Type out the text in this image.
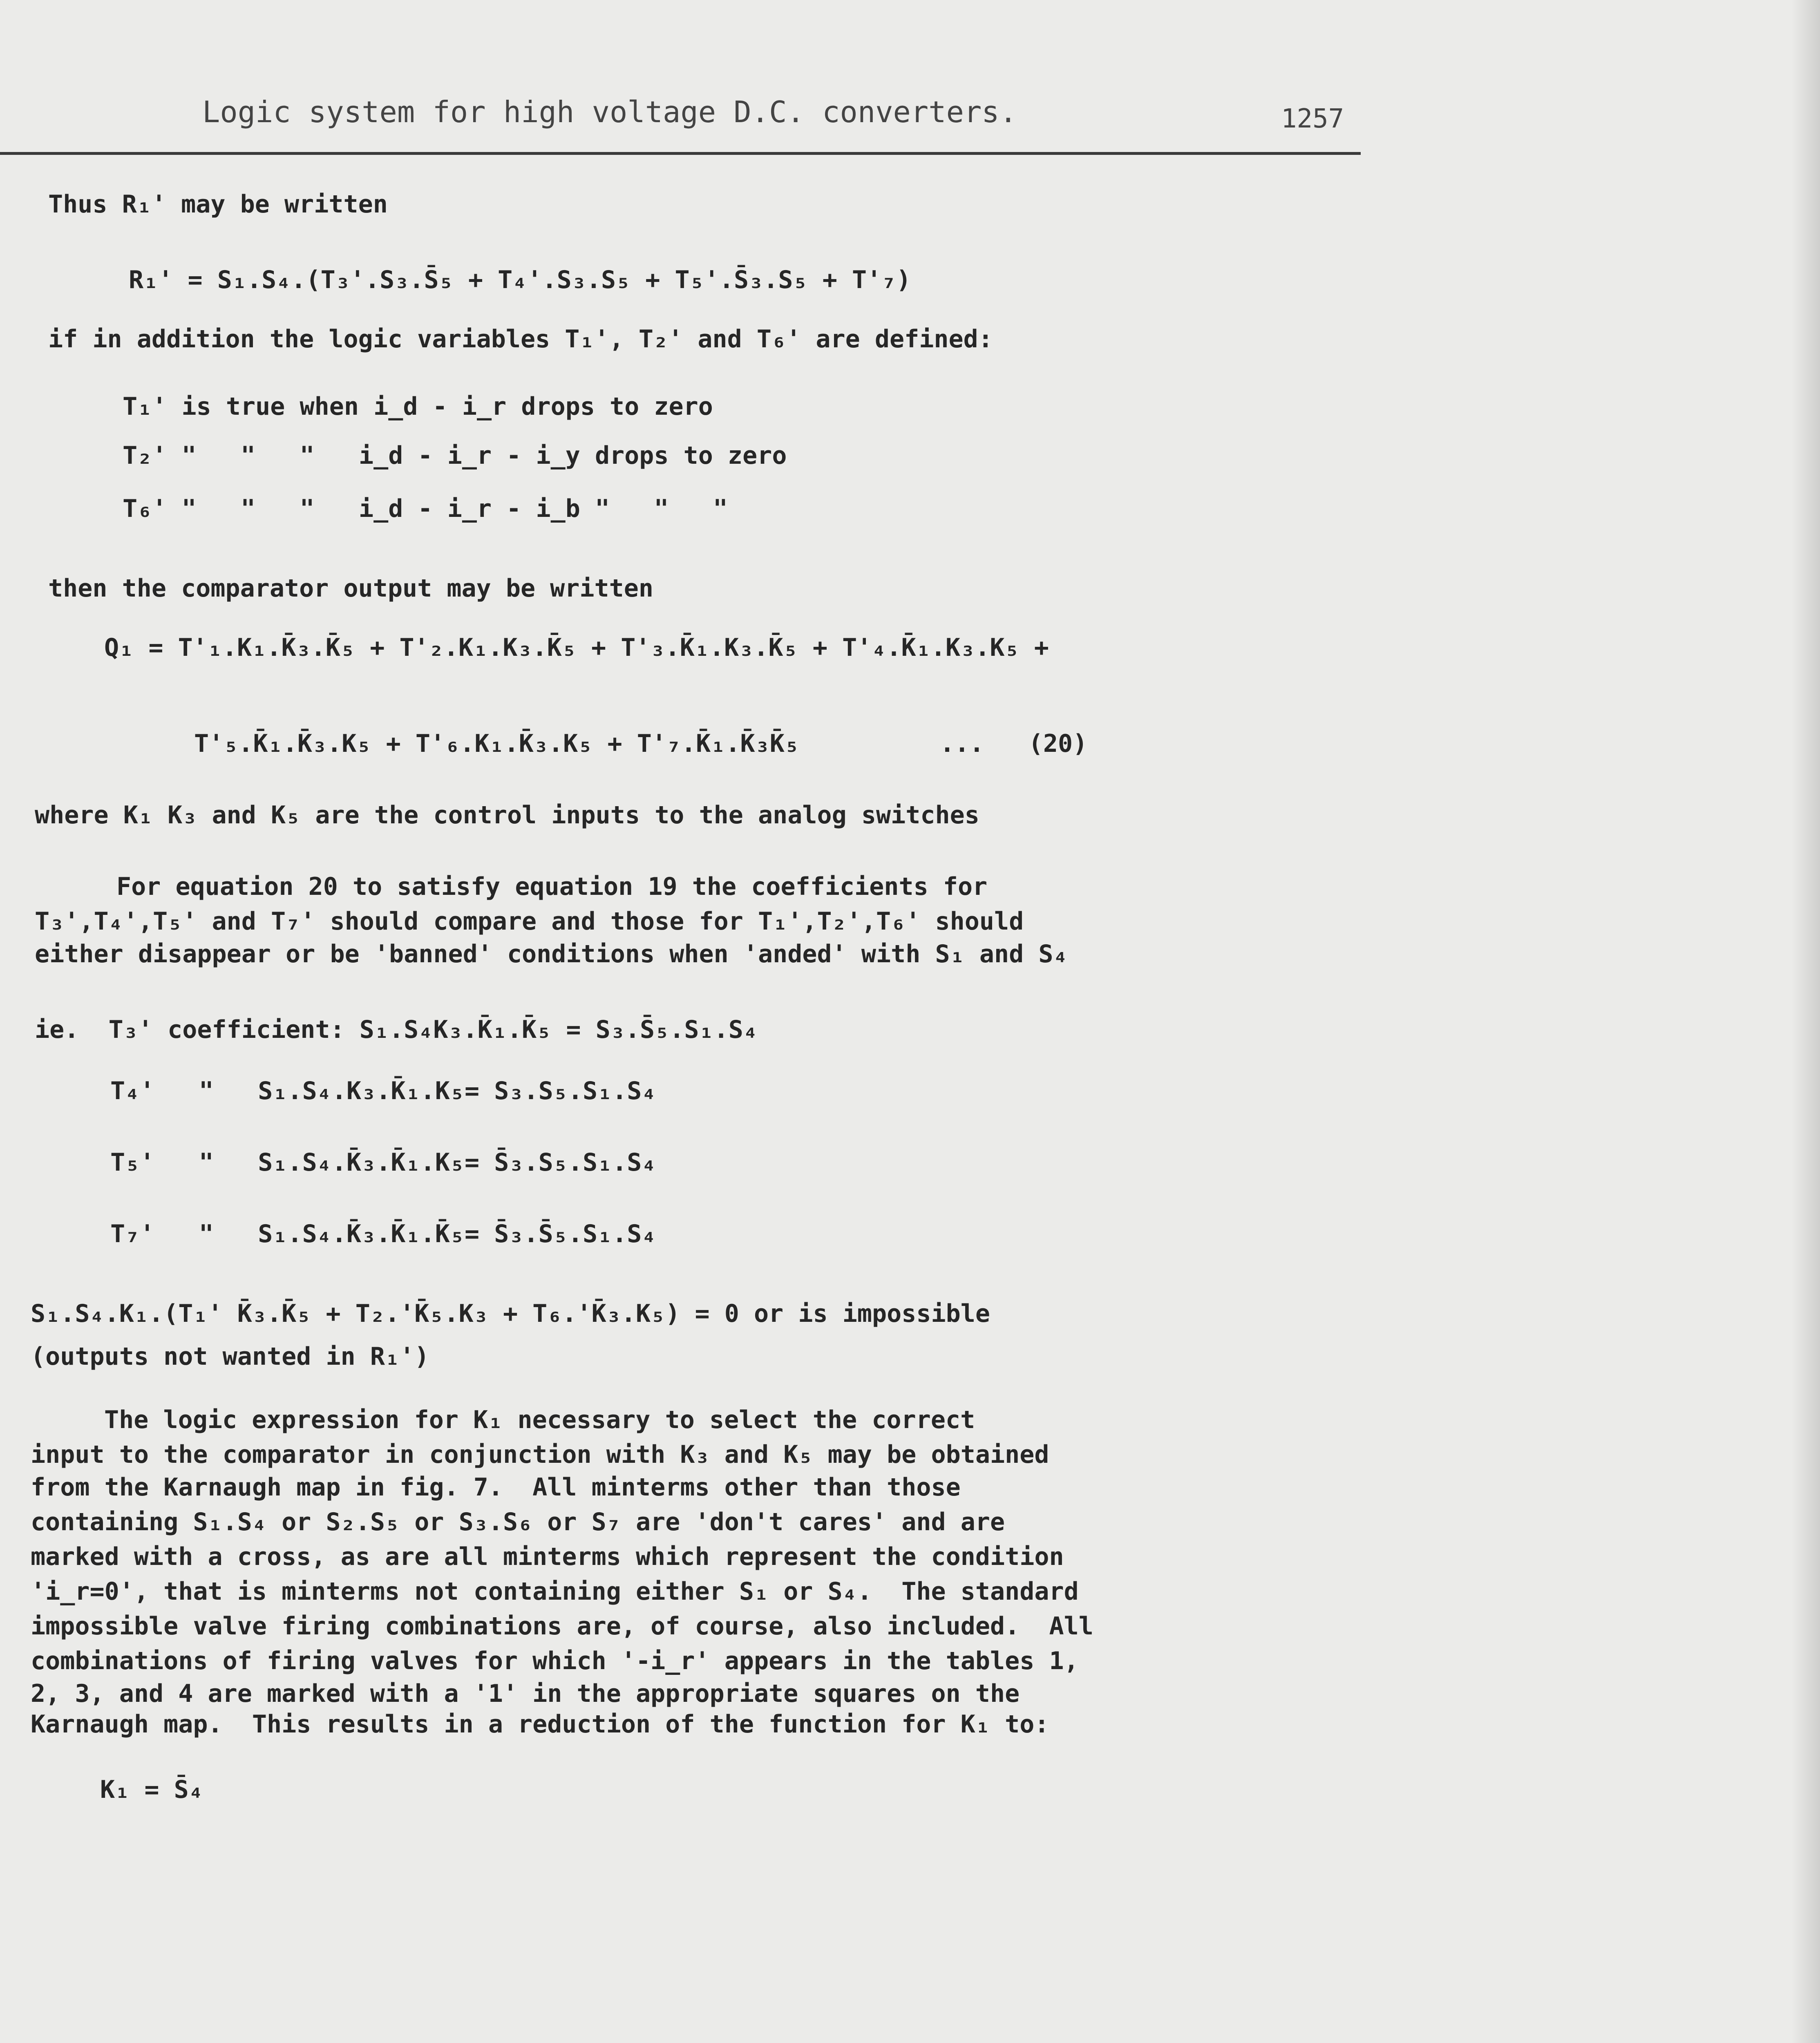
Logic system for high voltage D.C. converters.	1257
Thus R₁' may be written
R₁' = S₁.S₄.(T₃'.S₃.S̄₅ + T₄'.S₃.S₅ + T₅'.S̄₃.S₅ + T'₇)
if in addition the logic variables T₁', T₂' and T₆' are defined:
T₁' is true when i_d - i_r drops to zero
T₂' "   "   "   i_d - i_r - i_y drops to zero
T₆' "   "   "   i_d - i_r - i_b "   "   "
then the comparator output may be written
Q₁ = T'₁.K₁.K̄₃.K̄₅ + T'₂.K₁.K₃.K̄₅ + T'₃.K̄₁.K₃.K̄₅ + T'₄.K̄₁.K₃.K₅ +
T'₅.K̄₁.K̄₃.K₅ + T'₆.K₁.K̄₃.K₅ + T'₇.K̄₁.K̄₃K̄₅	...   (20)
where K₁ K₃ and K₅ are the control inputs to the analog switches
For equation 20 to satisfy equation 19 the coefficients for
T₃',T₄',T₅' and T₇' should compare and those for T₁',T₂',T₆' should
either disappear or be 'banned' conditions when 'anded' with S₁ and S₄
ie.  T₃' coefficient: S₁.S₄K₃.K̄₁.K̄₅ = S₃.S̄₅.S₁.S₄
T₄'   "   S₁.S₄.K₃.K̄₁.K₅= S₃.S₅.S₁.S₄
T₅'   "   S₁.S₄.K̄₃.K̄₁.K₅= S̄₃.S₅.S₁.S₄
T₇'   "   S₁.S₄.K̄₃.K̄₁.K̄₅= S̄₃.S̄₅.S₁.S₄
S₁.S₄.K₁.(T₁' K̄₃.K̄₅ + T₂.'K̄₅.K₃ + T₆.'K̄₃.K₅) = 0 or is impossible
(outputs not wanted in R₁')
The logic expression for K₁ necessary to select the correct
input to the comparator in conjunction with K₃ and K₅ may be obtained
from the Karnaugh map in fig. 7.  All minterms other than those
containing S₁.S₄ or S₂.S₅ or S₃.S₆ or S₇ are 'don't cares' and are
marked with a cross, as are all minterms which represent the condition
'i_r=0', that is minterms not containing either S₁ or S₄.  The standard
impossible valve firing combinations are, of course, also included.  All
combinations of firing valves for which '-i_r' appears in the tables 1,
2, 3, and 4 are marked with a '1' in the appropriate squares on the
Karnaugh map.  This results in a reduction of the function for K₁ to:
K₁ = S̄₄
